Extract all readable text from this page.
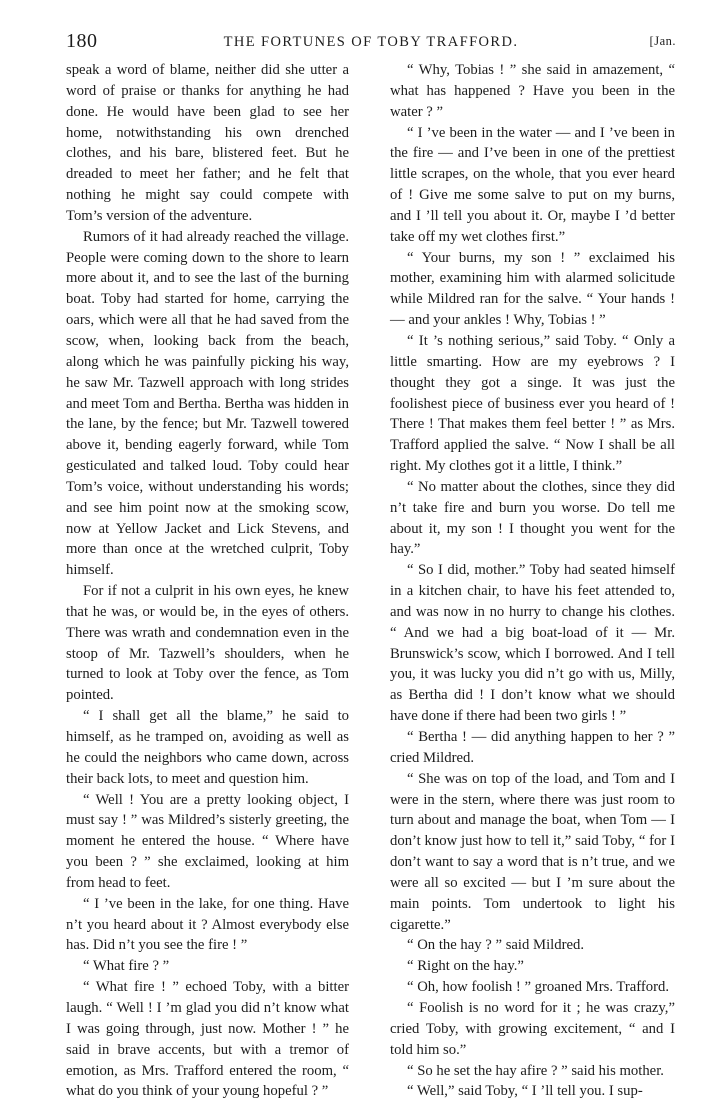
180	THE FORTUNES OF TOBY TRAFFORD.	[Jan.

speak a word of blame, neither did she utter a word of praise or thanks for anything he had done. He would have been glad to see her home, notwithstanding his own drenched clothes, and his bare, blistered feet. But he dreaded to meet her father; and he felt that nothing he might say could compete with Tom’s version of the adventure.

Rumors of it had already reached the village. People were coming down to the shore to learn more about it, and to see the last of the burning boat. Toby had started for home, carrying the oars, which were all that he had saved from the scow, when, looking back from the beach, along which he was painfully picking his way, he saw Mr. Tazwell approach with long strides and meet Tom and Bertha. Bertha was hidden in the lane, by the fence; but Mr. Tazwell towered above it, bending eagerly forward, while Tom gesticulated and talked loud. Toby could hear Tom’s voice, without understanding his words; and see him point now at the smoking scow, now at Yellow Jacket and Lick Stevens, and more than once at the wretched culprit, Toby himself.

For if not a culprit in his own eyes, he knew that he was, or would be, in the eyes of others. There was wrath and condemnation even in the stoop of Mr. Tazwell’s shoulders, when he turned to look at Toby over the fence, as Tom pointed.

“ I shall get all the blame,” he said to himself, as he tramped on, avoiding as well as he could the neighbors who came down, across their back lots, to meet and question him.

“ Well ! You are a pretty looking object, I must say ! ” was Mildred’s sisterly greeting, the moment he entered the house. “ Where have you been ? ” she exclaimed, looking at him from head to feet.

“ I ’ve been in the lake, for one thing. Have n’t you heard about it ? Almost everybody else has. Did n’t you see the fire ! ”

“ What fire ? ”

“ What fire ! ” echoed Toby, with a bitter laugh. “ Well ! I ’m glad you did n’t know what I was going through, just now. Mother ! ” he said in brave accents, but with a tremor of emotion, as Mrs. Trafford entered the room, “ what do you think of your young hopeful ? ”

“ Why, Tobias ! ” she said in amazement, “ what has happened ? Have you been in the water ? ”

“ I ’ve been in the water — and I ’ve been in the fire — and I’ve been in one of the prettiest little scrapes, on the whole, that you ever heard of ! Give me some salve to put on my burns, and I ’ll tell you about it. Or, maybe I ’d better take off my wet clothes first.”

“ Your burns, my son ! ” exclaimed his mother, examining him with alarmed solicitude while Mildred ran for the salve. “ Your hands ! — and your ankles ! Why, Tobias ! ”

“ It ’s nothing serious,” said Toby. “ Only a little smarting. How are my eyebrows ? I thought they got a singe. It was just the foolishest piece of business ever you heard of ! There ! That makes them feel better ! ” as Mrs. Trafford applied the salve. “ Now I shall be all right. My clothes got it a little, I think.”

“ No matter about the clothes, since they did n’t take fire and burn you worse. Do tell me about it, my son ! I thought you went for the hay.”

“ So I did, mother.” Toby had seated himself in a kitchen chair, to have his feet attended to, and was now in no hurry to change his clothes. “ And we had a big boat-load of it — Mr. Brunswick’s scow, which I borrowed. And I tell you, it was lucky you did n’t go with us, Milly, as Bertha did ! I don’t know what we should have done if there had been two girls ! ”

“ Bertha ! — did anything happen to her ? ” cried Mildred.

“ She was on top of the load, and Tom and I were in the stern, where there was just room to turn about and manage the boat, when Tom — I don’t know just how to tell it,” said Toby, “ for I don’t want to say a word that is n’t true, and we were all so excited — but I ’m sure about the main points. Tom undertook to light his cigarette.”

“ On the hay ? ” said Mildred.

“ Right on the hay.”

“ Oh, how foolish ! ” groaned Mrs. Trafford.

“ Foolish is no word for it ; he was crazy,” cried Toby, with growing excitement, “ and I told him so.”

“ So he set the hay afire ? ” said his mother.

“ Well,” said Toby, “ I ’ll tell you. I sup-
